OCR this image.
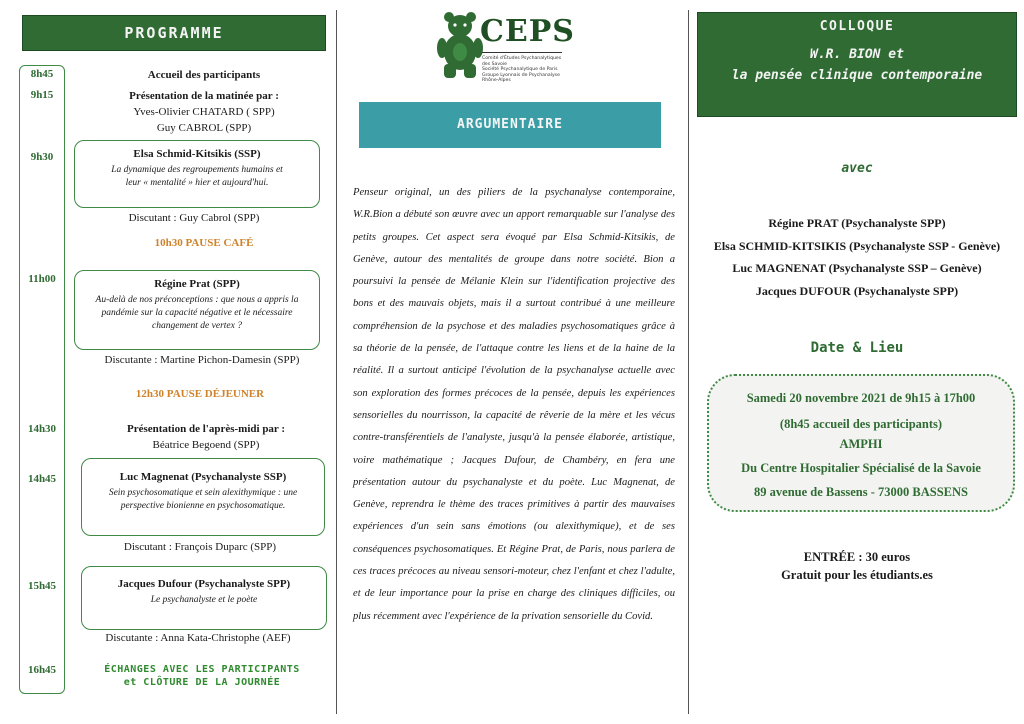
PROGRAMME
8h45	Accueil des participants
9h15	Présentation de la matinée par :
Yves-Olivier CHATARD ( SPP)
Guy CABROL (SPP)
9h30	Elsa Schmid-Kitsikis (SSP)
La dynamique des regroupements humains et
leur « mentalité » hier et aujourd'hui.
Discutant : Guy Cabrol (SPP)
10h30 PAUSE CAFÉ
11h00	Régine Prat (SPP)
Au-delà de nos préconceptions : que nous a appris la
pandémie sur la capacité négative et le nécessaire
changement de vertex ?
Discutante : Martine Pichon-Damesin (SPP)
12h30 PAUSE DÉJEUNER
14h30	Présentation de l'après-midi par :
Béatrice Begoend (SPP)
14h45	Luc Magnenat (Psychanalyste SSP)
Sein psychosomatique et sein alexithymique : une
perspective bionienne en psychosomatique.
Discutant : François Duparc (SPP)
15h45	Jacques Dufour (Psychanalyste SPP)
Le psychanalyste et le poète
Discutante : Anna Kata-Christophe (AEF)
16h45	ÉCHANGES AVEC LES PARTICIPANTS
et CLÔTURE DE LA JOURNÉE
CEPS
Comité d'Études Psychanalytiques des Savoie
Société Psychanalytique de Paris
Groupe Lyonnais de Psychanalyse Rhône-Alpes
ARGUMENTAIRE
Penseur original, un des piliers de la psychanalyse contemporaine, W.R.Bion a débuté son œuvre avec un apport remarquable sur l'analyse des petits groupes. Cet aspect sera évoqué par Elsa Schmid-Kitsikis, de Genève, autour des mentalités de groupe dans notre société. Bion a poursuivi la pensée de Mélanie Klein sur l'identification projective des bons et des mauvais objets, mais il a surtout contribué à une meilleure compréhension de la psychose et des maladies psychosomatiques grâce à sa théorie de la pensée, de l'attaque contre les liens et de la haine de la réalité. Il a surtout anticipé l'évolution de la psychanalyse actuelle avec son exploration des formes précoces de la pensée, depuis les expériences sensorielles du nourrisson, la capacité de rêverie de la mère et les vécus contre-transférentiels de l'analyste, jusqu'à la pensée élaborée, artistique, voire mathématique ; Jacques Dufour, de Chambéry, en fera une présentation autour du psychanalyste et du poète. Luc Magnenat, de Genève, reprendra le thème des traces primitives à partir des mauvaises expériences d'un sein sans émotions (ou alexithymique), et de ses conséquences psychosomatiques. Et Régine Prat, de Paris, nous parlera de ces traces précoces au niveau sensori-moteur, chez l'enfant et chez l'adulte, et de leur importance pour la prise en charge des cliniques difficiles, ou plus récemment avec l'expérience de la privation sensorielle du Covid.
COLLOQUE
W.R. BION et
la pensée clinique contemporaine
avec
Régine PRAT (Psychanalyste SPP)
Elsa SCHMID-KITSIKIS (Psychanalyste SSP - Genève)
Luc MAGNENAT (Psychanalyste SSP – Genève)
Jacques DUFOUR (Psychanalyste SPP)
Date & Lieu
Samedi 20 novembre 2021 de 9h15 à 17h00
(8h45 accueil des participants)
AMPHI
Du Centre Hospitalier Spécialisé de la Savoie
89 avenue de Bassens - 73000 BASSENS
ENTRÉE : 30 euros
Gratuit pour les étudiants.es
